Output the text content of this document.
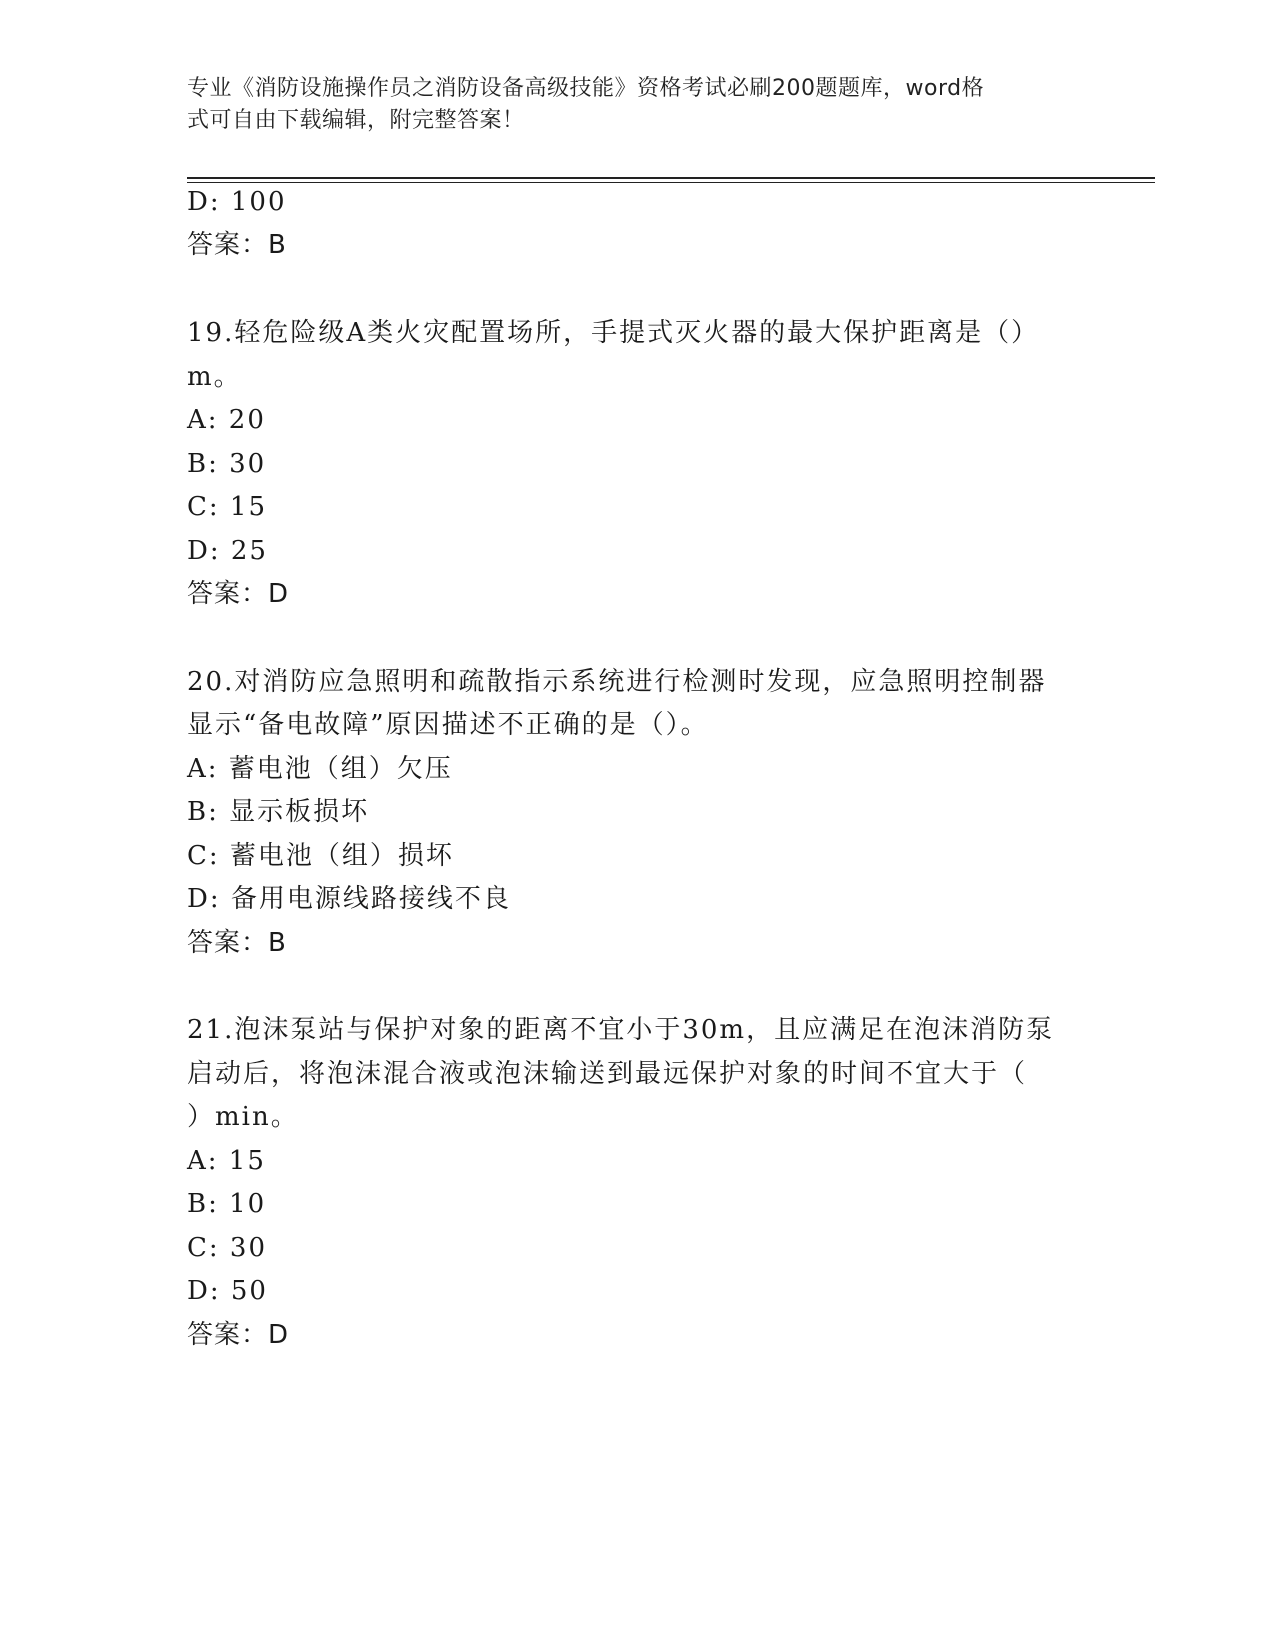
专业《消防设施操作员之消防设备高级技能》资格考试必刷200题题库，word格
式可自由下载编辑，附完整答案！
D: 100
答案：B
19.轻危险级A类火灾配置场所，手提式灭火器的最大保护距离是（）
m。
A: 20
B: 30
C: 15
D: 25
答案：D
20.对消防应急照明和疏散指示系统进行检测时发现，应急照明控制器
显示“备电故障”原因描述不正确的是（）。
A: 蓄电池（组）欠压
B: 显示板损坏
C: 蓄电池（组）损坏
D: 备用电源线路接线不良
答案：B
21.泡沫泵站与保护对象的距离不宜小于30m，且应满足在泡沫消防泵
启动后，将泡沫混合液或泡沫输送到最远保护对象的时间不宜大于（
）min。
A: 15
B: 10
C: 30
D: 50
答案：D
